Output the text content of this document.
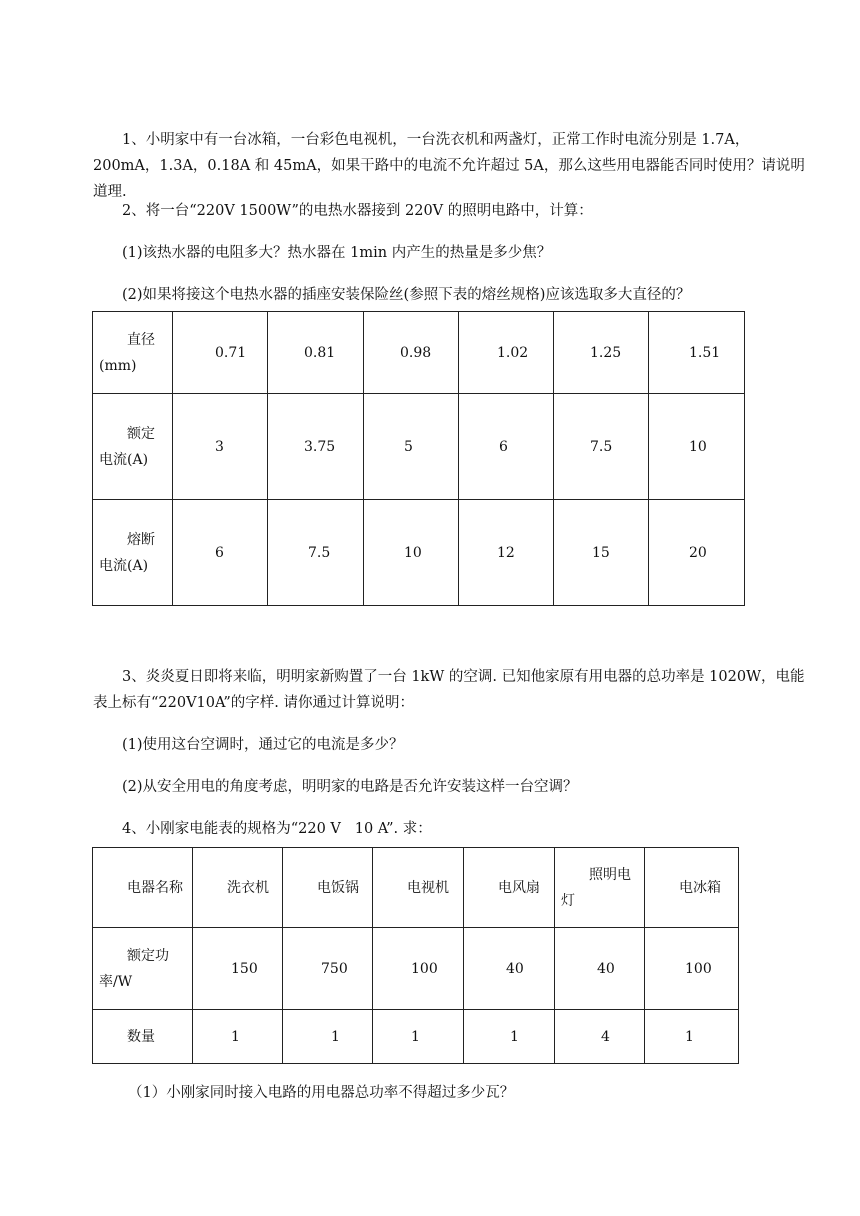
1、小明家中有一台冰箱，一台彩色电视机，一台洗衣机和两盏灯，正常工作时电流分别是 1.7A，200mA，1.3A，0.18A 和 45mA，如果干路中的电流不允许超过 5A，那么这些用电器能否同时使用？请说明道理.

2、将一台“220V 1500W”的电热水器接到 220V 的照明电路中，计算：

(1)该热水器的电阻多大？热水器在 1min 内产生的热量是多少焦？

(2)如果将接这个电热水器的插座安装保险丝(参照下表的熔丝规格)应该选取多大直径的？

直径(mm)	0.71	0.81	0.98	1.02	1.25	1.51

额定电流(A)	3	3.75	5	6	7.5	10

熔断电流(A)	6	7.5	10	12	15	20

3、炎炎夏日即将来临，明明家新购置了一台 1kW 的空调. 已知他家原有用电器的总功率是 1020W，电能表上标有“220V10A”的字样. 请你通过计算说明：

(1)使用这台空调时，通过它的电流是多少？

(2)从安全用电的角度考虑，明明家的电路是否允许安装这样一台空调？

4、小刚家电能表的规格为“220 V   10 A”. 求：

电器名称	洗衣机	电饭锅	电视机	电风扇	照明电灯	电冰箱

额定功率/W	150	750	100	40	40	100

数量	1	1	1	1	4	1

（1）小刚家同时接入电路的用电器总功率不得超过多少瓦？
